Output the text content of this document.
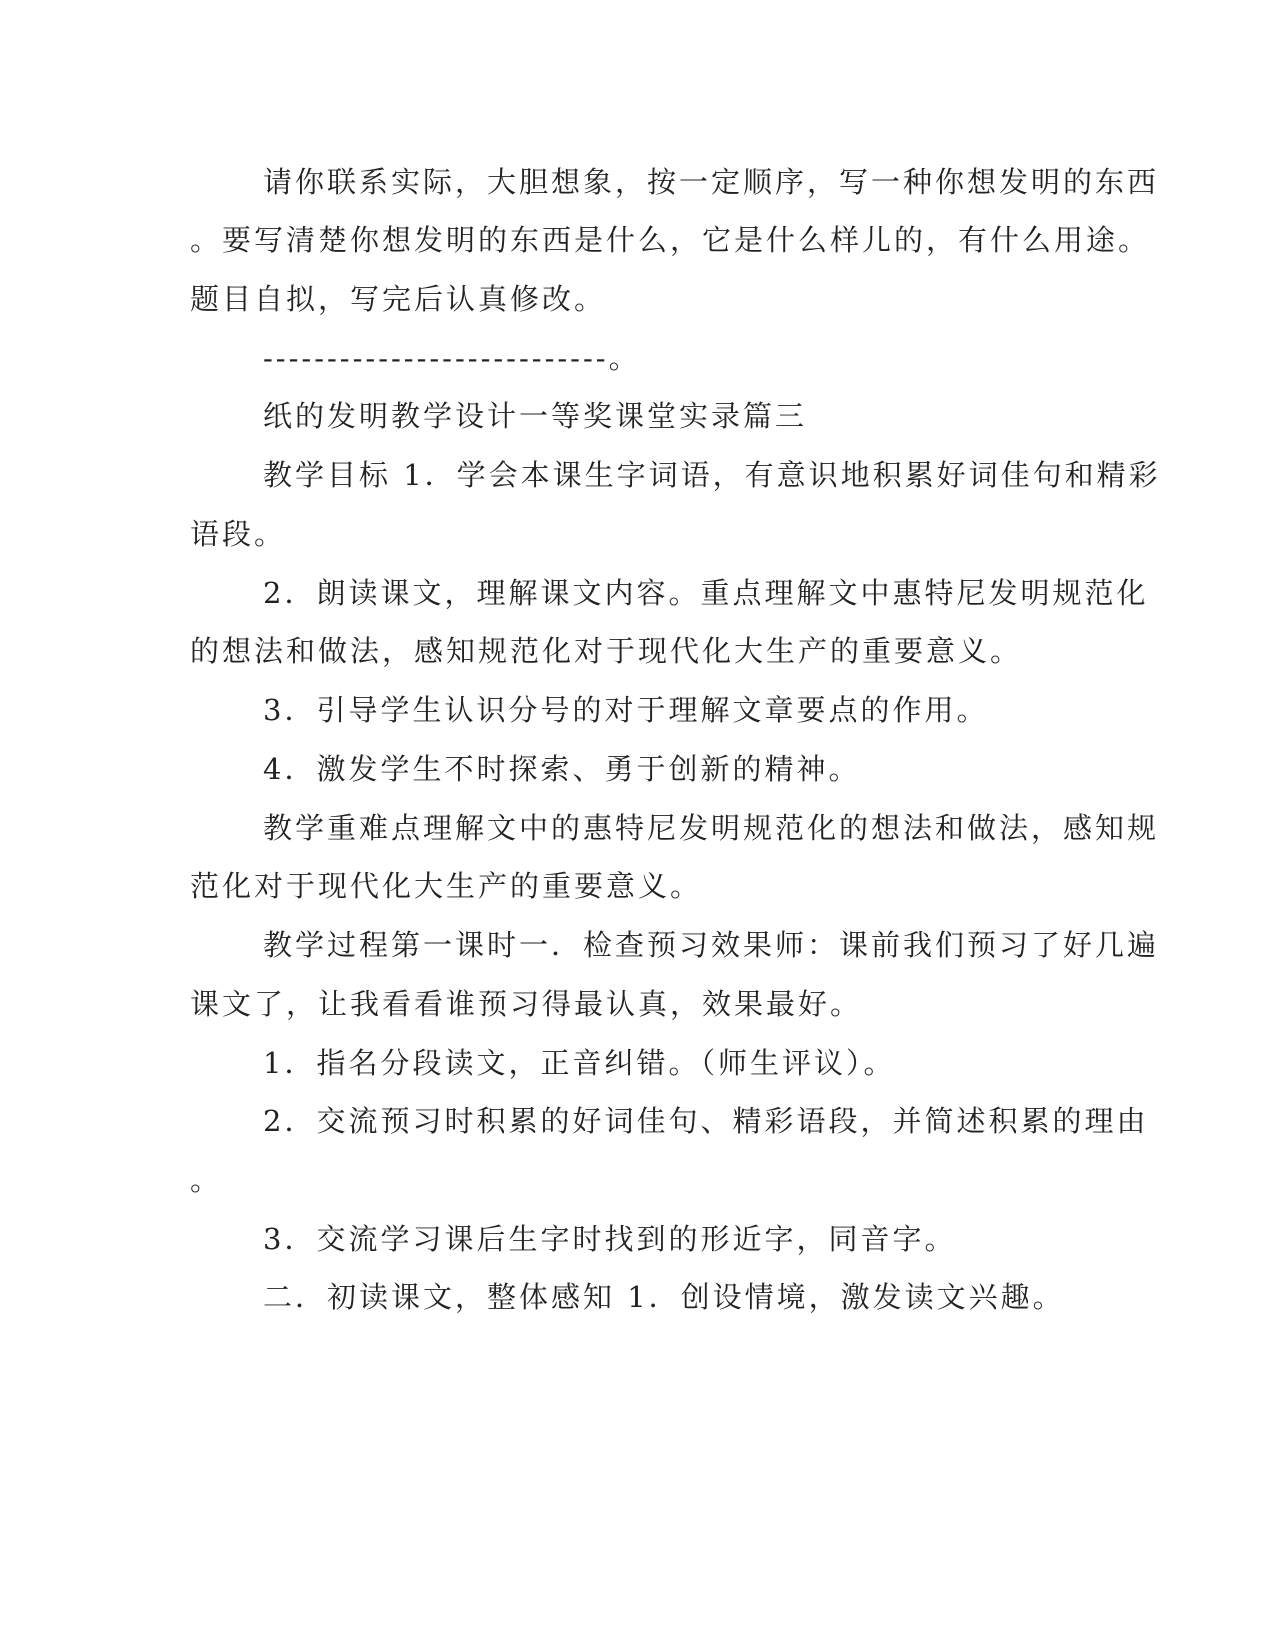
请你联系实际，大胆想象，按一定顺序，写一种你想发明的东西
。要写清楚你想发明的东西是什么，它是什么样儿的，有什么用途。
题目自拟，写完后认真修改。
---------------------------。
纸的发明教学设计一等奖课堂实录篇三
教学目标 1．学会本课生字词语，有意识地积累好词佳句和精彩
语段。
2．朗读课文，理解课文内容。重点理解文中惠特尼发明规范化
的想法和做法，感知规范化对于现代化大生产的重要意义。
3．引导学生认识分号的对于理解文章要点的作用。
4．激发学生不时探索、勇于创新的精神。
教学重难点理解文中的惠特尼发明规范化的想法和做法，感知规
范化对于现代化大生产的重要意义。
教学过程第一课时一．检查预习效果师：课前我们预习了好几遍
课文了，让我看看谁预习得最认真，效果最好。
1．指名分段读文，正音纠错。（师生评议）。
2．交流预习时积累的好词佳句、精彩语段，并简述积累的理由
。
3．交流学习课后生字时找到的形近字，同音字。
二．初读课文，整体感知 1．创设情境，激发读文兴趣。
